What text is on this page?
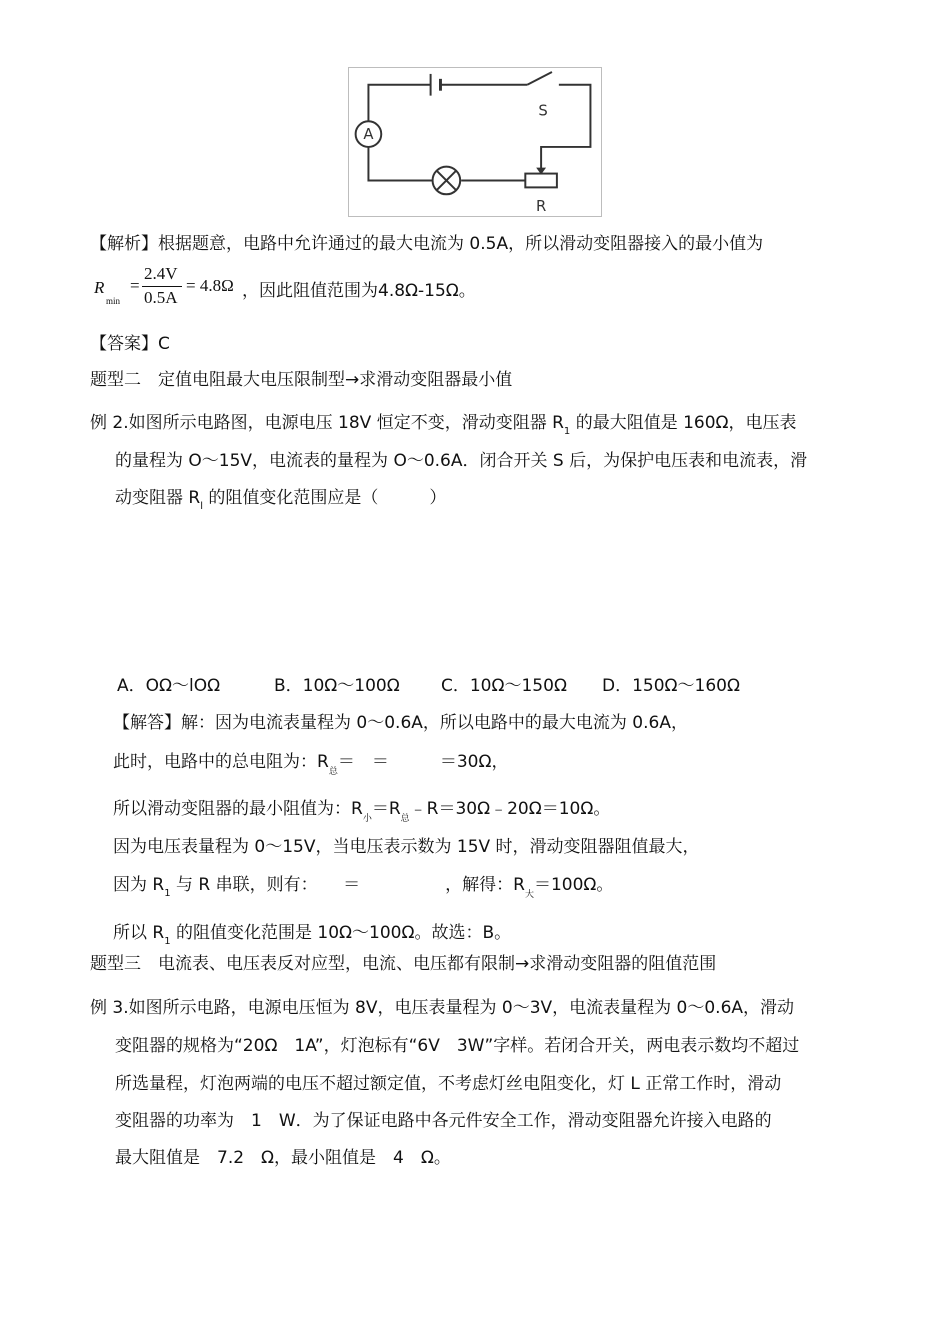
A
S
R
【解析】根据题意，电路中允许通过的最大电流为 0.5A，所以滑动变阻器接入的最小值为
R
min
=
2.4V
0.5A
= 4.8Ω ，因此阻值范围为4.8Ω-15Ω。
【答案】C
题型二　定值电阻最大电压限制型→求滑动变阻器最小值
例 2.如图所示电路图，电源电压 18V 恒定不变，滑动变阻器 $R_1$ 的最大阻值是 160Ω，电压表
的量程为 O～15V，电流表的量程为 O～0.6A．闭合开关 S 后，为保护电压表和电流表，滑
动变阻器 $R_l$ 的阻值变化范围应是（　　　）
A．OΩ～lOΩ	B．10Ω～100Ω C．10Ω～150Ω D．150Ω～160Ω
【解答】解：因为电流表量程为 0～0.6A，所以电路中的最大电流为 0.6A，
此时，电路中的总电阻为：$R_总=$　＝　　　＝30Ω，
所以滑动变阻器的最小阻值为：$R_小=R_总﹣R=30\Omega﹣20\Omega=10\Omega$。
因为电压表量程为 0～15V，当电压表示数为 15V 时，滑动变阻器阻值最大，
因为 $R_1$ 与 R 串联，则有：　　＝　　　　　，解得：$R_大=100\Omega$。
所以 $R_1$ 的阻值变化范围是 10Ω～100Ω。故选：B。
题型三　电流表、电压表反对应型，电流、电压都有限制→求滑动变阻器的阻值范围
例 3.如图所示电路，电源电压恒为 8V，电压表量程为 0～3V，电流表量程为 0～0.6A，滑动
变阻器的规格为“20Ω　1A”，灯泡标有“6V　3W”字样。若闭合开关，两电表示数均不超过
所选量程，灯泡两端的电压不超过额定值，不考虑灯丝电阻变化，灯 L 正常工作时，滑动
变阻器的功率为　1　W．为了保证电路中各元件安全工作，滑动变阻器允许接入电路的
最大阻值是　7.2　Ω，最小阻值是　4　Ω。
